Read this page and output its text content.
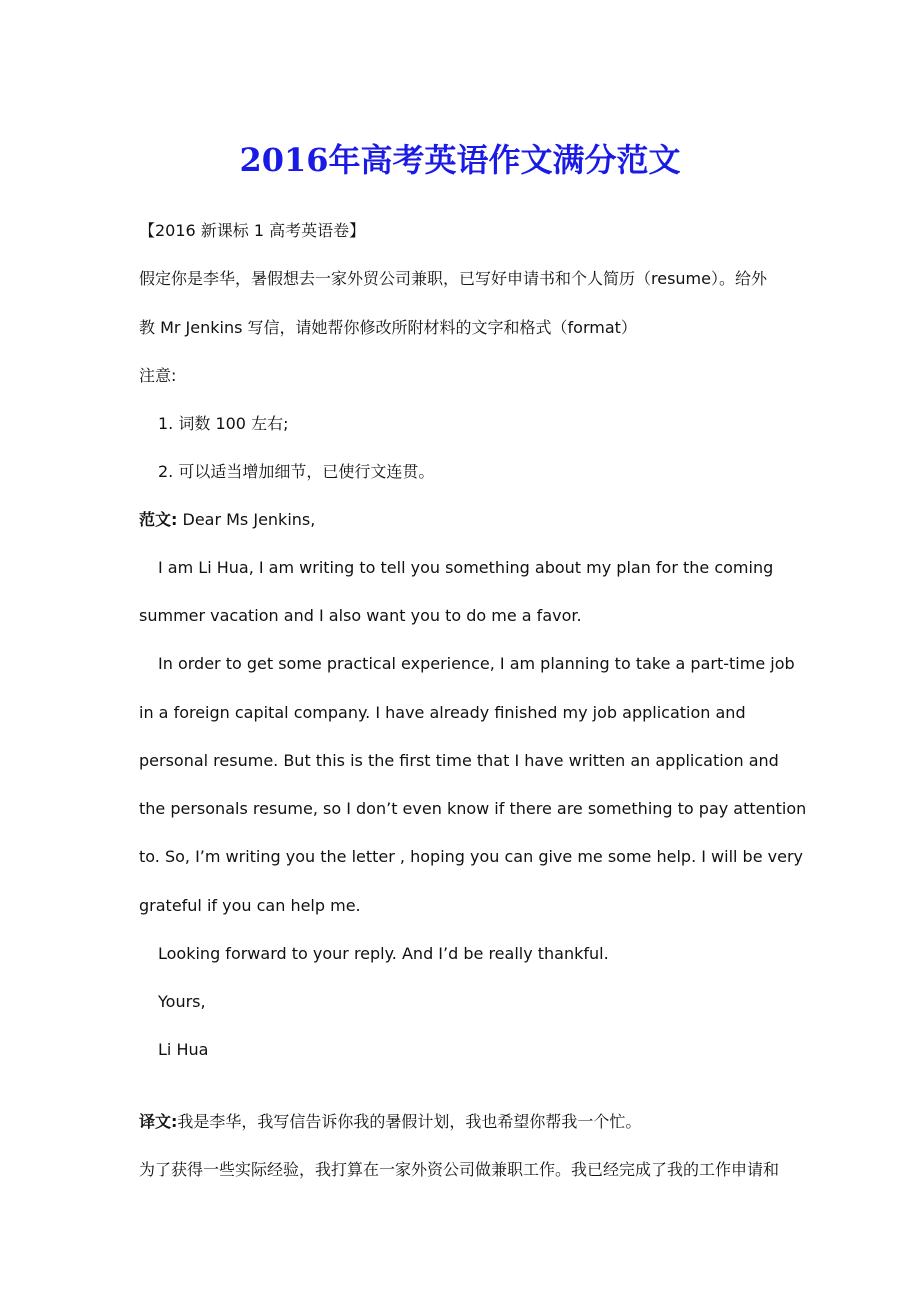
2016年高考英语作文满分范文

【2016 新课标 1 高考英语卷】

假定你是李华，暑假想去一家外贸公司兼职，已写好申请书和个人简历（resume）。给外

教 Mr Jenkins 写信，请她帮你修改所附材料的文字和格式（format）

注意:

1. 词数 100 左右;

2. 可以适当增加细节，已使行文连贯。

范文: Dear Ms Jenkins,

I am Li Hua, I am writing to tell you something about my plan for the coming

summer vacation and I also want you to do me a favor.

In order to get some practical experience, I am planning to take a part-time job

in a foreign capital company. I have already finished my job application and

personal resume. But this is the first time that I have written an application and

the personals resume, so I don’t even know if there are something to pay attention

to. So, I’m writing you the letter , hoping you can give me some help. I will be very

grateful if you can help me.

Looking forward to your reply. And I’d be really thankful.

Yours,

Li Hua

译文:我是李华，我写信告诉你我的暑假计划，我也希望你帮我一个忙。

为了获得一些实际经验，我打算在一家外资公司做兼职工作。我已经完成了我的工作申请和
